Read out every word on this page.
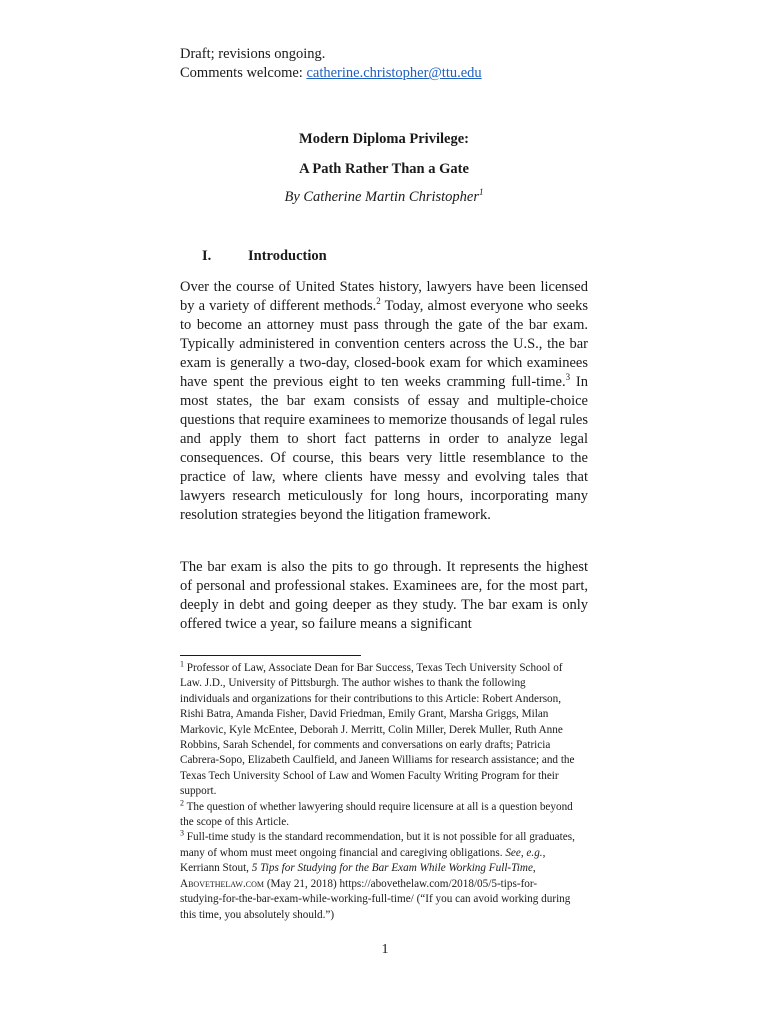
Draft; revisions ongoing.
Comments welcome: catherine.christopher@ttu.edu
Modern Diploma Privilege:
A Path Rather Than a Gate
By Catherine Martin Christopher$^1$
I.	Introduction

Over the course of United States history, lawyers have been licensed by a variety of different methods.$^2$ Today, almost everyone who seeks to become an attorney must pass through the gate of the bar exam. Typically administered in convention centers across the U.S., the bar exam is generally a two-day, closed-book exam for which examinees have spent the previous eight to ten weeks cramming full-time.$^3$ In most states, the bar exam consists of essay and multiple-choice questions that require examinees to memorize thousands of legal rules and apply them to short fact patterns in order to analyze legal consequences. Of course, this bears very little resemblance to the practice of law, where clients have messy and evolving tales that lawyers research meticulously for long hours, incorporating many resolution strategies beyond the litigation framework.

The bar exam is also the pits to go through. It represents the highest of personal and professional stakes. Examinees are, for the most part, deeply in debt and going deeper as they study. The bar exam is only offered twice a year, so failure means a significant

$^1$ Professor of Law, Associate Dean for Bar Success, Texas Tech University School of Law. J.D., University of Pittsburgh. The author wishes to thank the following individuals and organizations for their contributions to this Article: Robert Anderson, Rishi Batra, Amanda Fisher, David Friedman, Emily Grant, Marsha Griggs, Milan Markovic, Kyle McEntee, Deborah J. Merritt, Colin Miller, Derek Muller, Ruth Anne Robbins, Sarah Schendel, for comments and conversations on early drafts; Patricia Cabrera-Sopo, Elizabeth Caulfield, and Janeen Williams for research assistance; and the Texas Tech University School of Law and Women Faculty Writing Program for their support.

$^2$ The question of whether lawyering should require licensure at all is a question beyond the scope of this Article.

$^3$ Full-time study is the standard recommendation, but it is not possible for all graduates, many of whom must meet ongoing financial and caregiving obligations. See, e.g., Kerriann Stout, 5 Tips for Studying for the Bar Exam While Working Full-Time, Abovethelaw.com (May 21, 2018) https://abovethelaw.com/2018/05/5-tips-for-studying-for-the-bar-exam-while-working-full-time/ (“If you can avoid working during this time, you absolutely should.”)

1
